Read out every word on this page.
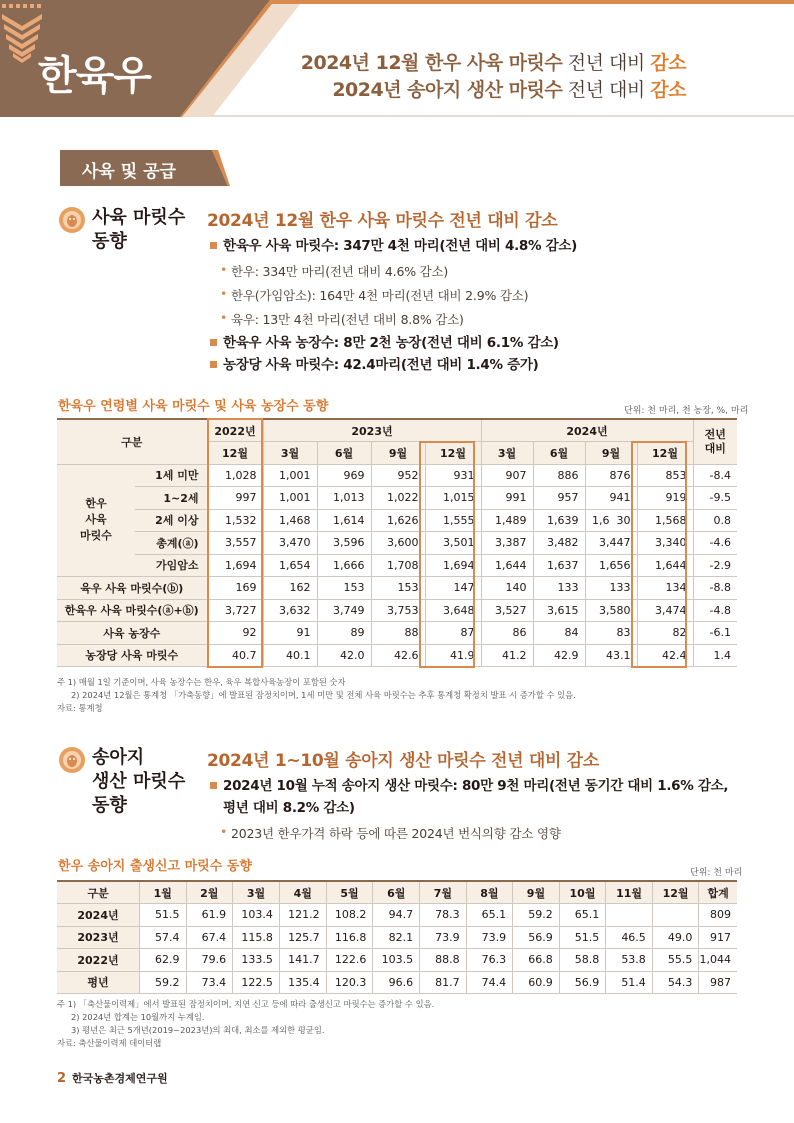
한육우	2024년 12월 한우 사육 마릿수 전년 대비 감소
2024년 송아지 생산 마릿수 전년 대비 감소
사육 및 공급
사육 마릿수
동향
2024년 12월 한우 사육 마릿수 전년 대비 감소
한육우 사육 마릿수: 347만 4천 마리(전년 대비 4.8% 감소)
• 한우: 334만 마리(전년 대비 4.6% 감소)
• 한우(가임암소): 164만 4천 마리(전년 대비 2.9% 감소)
• 육우: 13만 4천 마리(전년 대비 8.8% 감소)
한육우 사육 농장수: 8만 2천 농장(전년 대비 6.1% 감소)
농장당 사육 마릿수: 42.4마리(전년 대비 1.4% 증가)
한육우 연령별 사육 마릿수 및 사육 농장수 동향	단위: 천 마리, 천 농장, %, 마리
구분		2022년	2023년				2024년				전년
대비

		12월	3월	6월	9월	12월	3월	6월	9월	12월	

한우
사육
마릿수	1세 미만	1,028	1,001	969	952	931	907	886	876	853	-8.4
	1~2세	997	1,001	1,013	1,022	1,015	991	957	941	919	-9.5
	2세 이상	1,532	1,468	1,614	1,626	1,555	1,489	1,639	1,6  30	1,568	0.8
	총계(ⓐ)	3,557	3,470	3,596	3,600	3,501	3,387	3,482	3,447	3,340	-4.6
	가임암소	1,694	1,654	1,666	1,708	1,694	1,644	1,637	1,656	1,644	-2.9
육우 사육 마릿수(ⓑ)		169	162	153	153	147	140	133	133	134	-8.8
한육우 사육 마릿수(ⓐ+ⓑ)		3,727	3,632	3,749	3,753	3,648	3,527	3,615	3,580	3,474	-4.8
사육 농장수		92	91	89	88	87	86	84	83	82	-6.1
농장당 사육 마릿수		40.7	40.1	42.0	42.6	41.9	41.2	42.9	43.1	42.4	1.4
주 1) 매월 1일 기준이며, 사육 농장수는 한우, 육우 복합사육농장이 포함된 숫자
2) 2024년 12월은 통계청 「가축동향」에 발표된 잠정치이며, 1세 미만 및 전체 사육 마릿수는 추후 통계청 확정치 발표 시 증가할 수 있음.
자료: 통계청
송아지
생산 마릿수
동향
2024년 1~10월 송아지 생산 마릿수 전년 대비 감소
2024년 10월 누적 송아지 생산 마릿수: 80만 9천 마리(전년 동기간 대비 1.6% 감소,
평년 대비 8.2% 감소)
• 2023년 한우가격 하락 등에 따른 2024년 번식의향 감소 영향
한우 송아지 출생신고 마릿수 동향	단위: 천 마리
구분	1월	2월	3월	4월	5월	6월	7월	8월	9월	10월	11월	12월	합계
2024년	51.5	61.9	103.4	121.2	108.2	94.7	78.3	65.1	59.2	65.1			809
2023년	57.4	67.4	115.8	125.7	116.8	82.1	73.9	73.9	56.9	51.5	46.5	49.0	917
2022년	62.9	79.6	133.5	141.7	122.6	103.5	88.8	76.3	66.8	58.8	53.8	55.5	1,044
평년	59.2	73.4	122.5	135.4	120.3	96.6	81.7	74.4	60.9	56.9	51.4	54.3	987
주 1) 「축산물이력제」에서 발표된 잠정치이며, 지연 신고 등에 따라 출생신고 마릿수는 증가할 수 있음.
2) 2024년 합계는 10월까지 누계임.
3) 평년은 최근 5개년(2019~2023년)의 최대, 최소를 제외한 평균임.
자료: 축산물이력제 데이터랩
2 한국농촌경제연구원
